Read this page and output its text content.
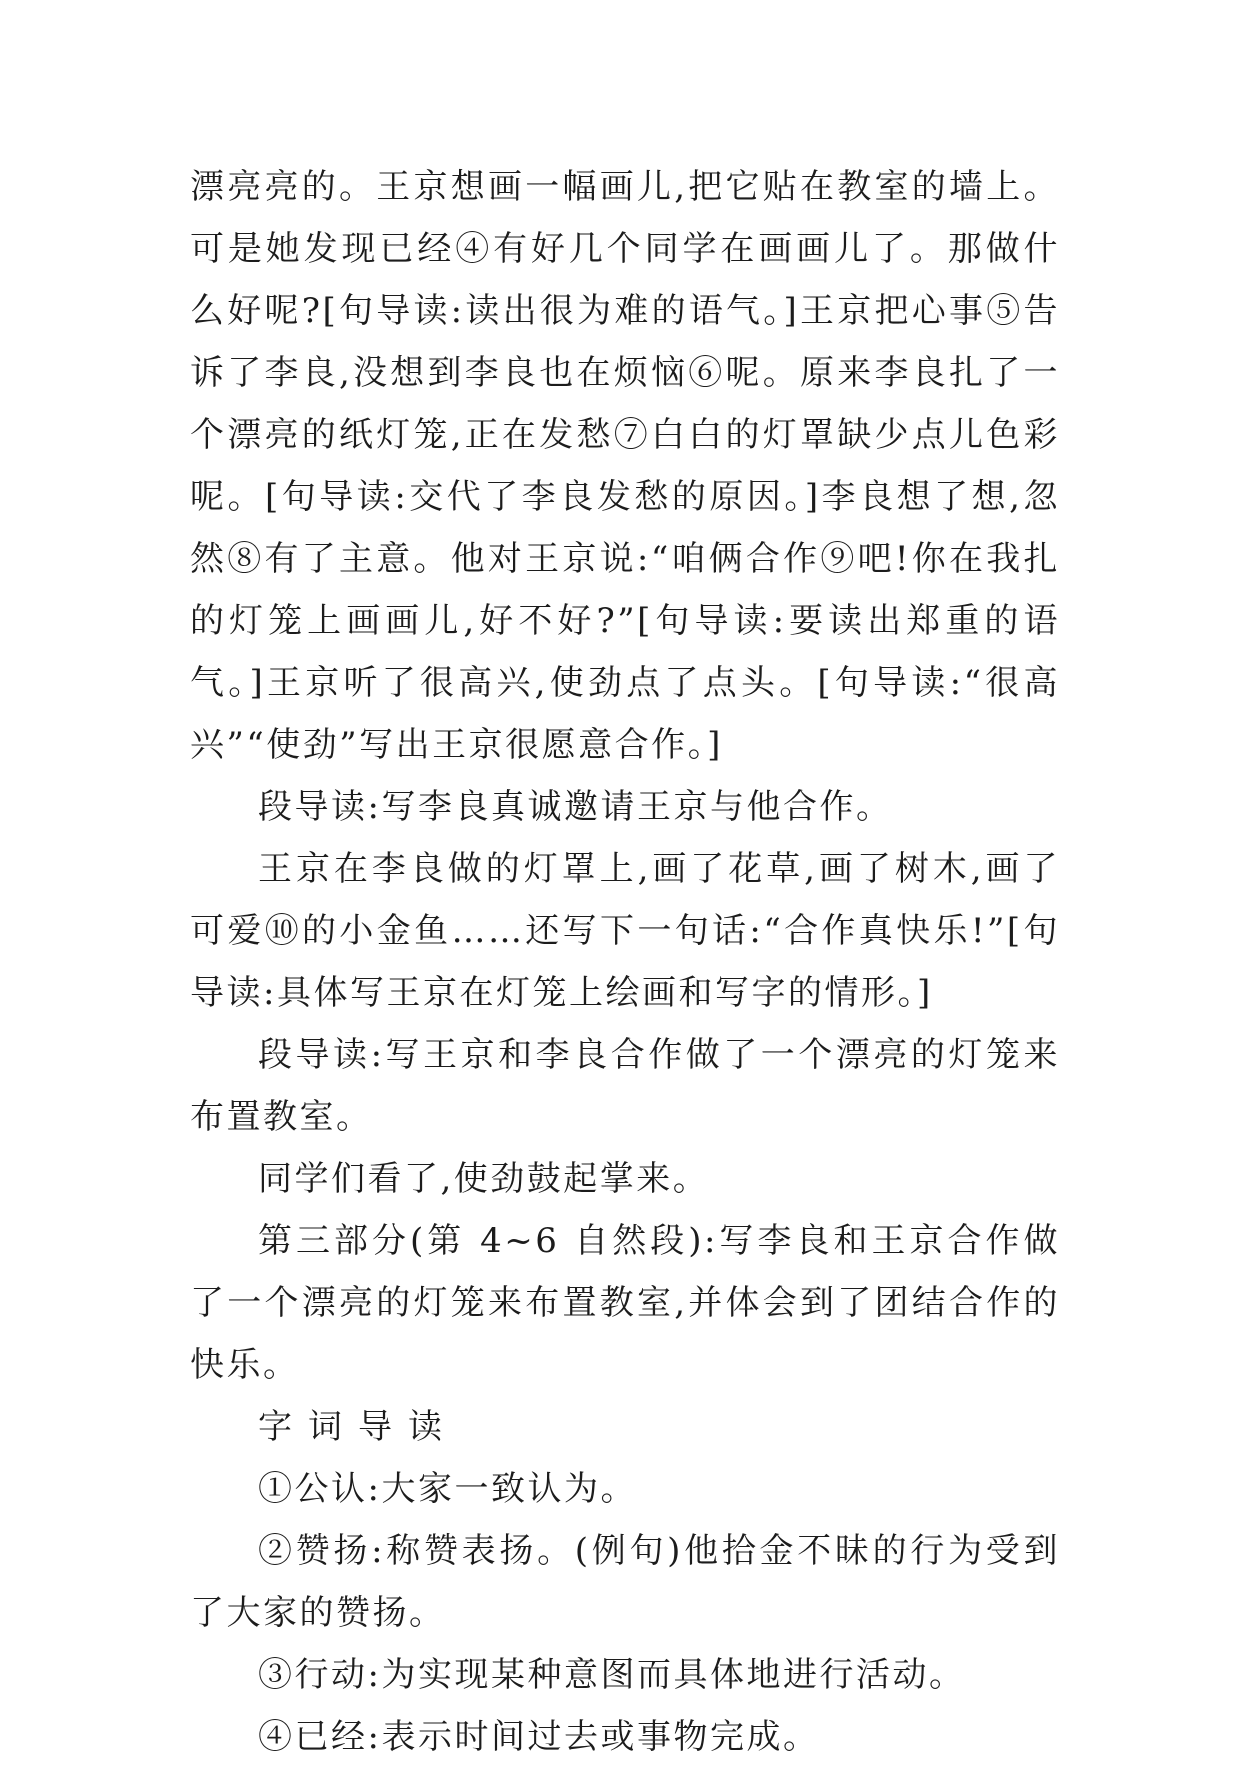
漂亮亮的。王京想画一幅画儿,把它贴在教室的墙上。可是她发现已经④有好几个同学在画画儿了。那做什么好呢?[句导读:读出很为难的语气。]王京把心事⑤告诉了李良,没想到李良也在烦恼⑥呢。原来李良扎了一个漂亮的纸灯笼,正在发愁⑦白白的灯罩缺少点儿色彩呢。[句导读:交代了李良发愁的原因。]李良想了想,忽然⑧有了主意。他对王京说:“咱俩合作⑨吧!你在我扎的灯笼上画画儿,好不好?”[句导读:要读出郑重的语气。]王京听了很高兴,使劲点了点头。[句导读:“很高兴”“使劲”写出王京很愿意合作。]

段导读:写李良真诚邀请王京与他合作。

王京在李良做的灯罩上,画了花草,画了树木,画了可爱⑩的小金鱼……还写下一句话:“合作真快乐!”[句导读:具体写王京在灯笼上绘画和写字的情形。]

段导读:写王京和李良合作做了一个漂亮的灯笼来布置教室。

同学们看了,使劲鼓起掌来。

第三部分(第 4~6 自然段):写李良和王京合作做了一个漂亮的灯笼来布置教室,并体会到了团结合作的快乐。

字词导读

①公认:大家一致认为。

②赞扬:称赞表扬。(例句)他拾金不昧的行为受到了大家的赞扬。

③行动:为实现某种意图而具体地进行活动。

④已经:表示时间过去或事物完成。
